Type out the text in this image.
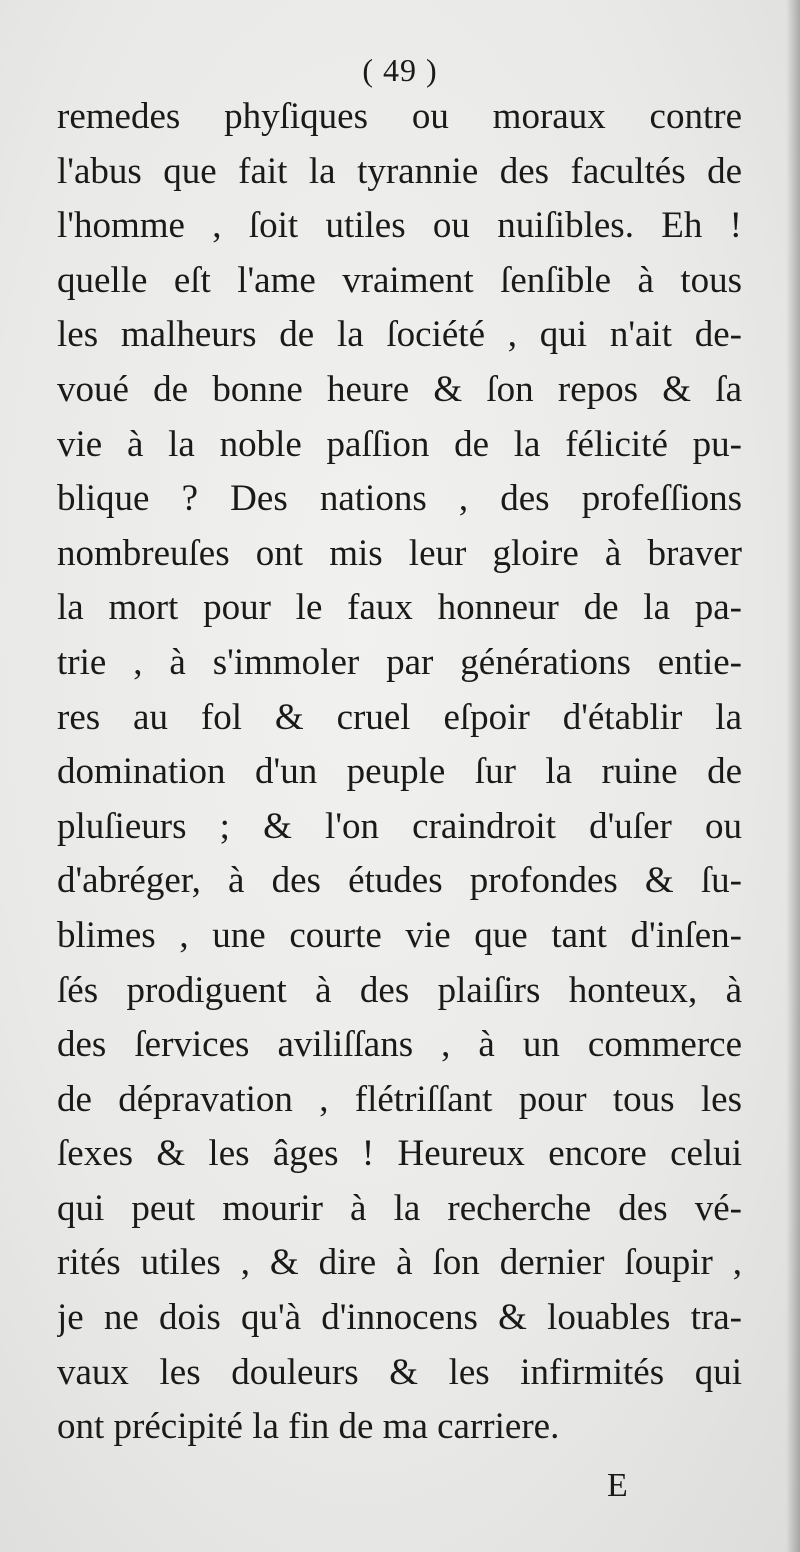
( 49 )
remedes phyſiques ou moraux contre
l'abus que fait la tyrannie des facultés de
l'homme , ſoit utiles ou nuiſibles. Eh !
quelle eſt l'ame vraiment ſenſible à tous
les malheurs de la ſociété , qui n'ait de-
voué de bonne heure & ſon repos & ſa
vie à la noble paſſion de la félicité pu-
blique ? Des nations , des profeſſions
nombreuſes ont mis leur gloire à braver
la mort pour le faux honneur de la pa-
trie , à s'immoler par générations entie-
res au fol & cruel eſpoir d'établir la
domination d'un peuple ſur la ruine de
pluſieurs ; & l'on craindroit d'uſer ou
d'abréger, à des études profondes & ſu-
blimes , une courte vie que tant d'inſen-
ſés prodiguent à des plaiſirs honteux, à
des ſervices aviliſſans , à un commerce
de dépravation , flétriſſant pour tous les
ſexes & les âges ! Heureux encore celui
qui peut mourir à la recherche des vé-
rités utiles , & dire à ſon dernier ſoupir ,
je ne dois qu'à d'innocens & louables tra-
vaux les douleurs & les infirmités qui
ont précipité la fin de ma carriere.
E
